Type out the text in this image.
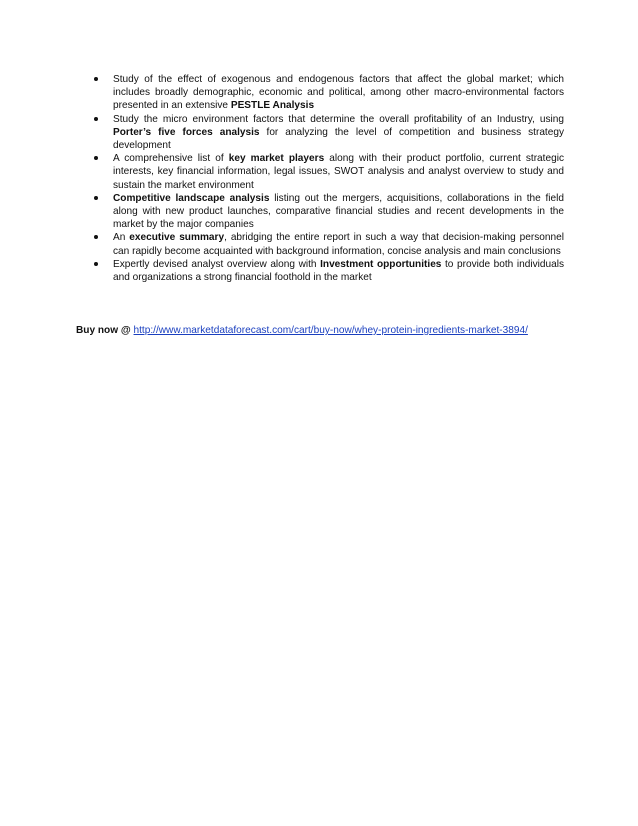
Study of the effect of exogenous and endogenous factors that affect the global market; which includes broadly demographic, economic and political, among other macro-environmental factors presented in an extensive PESTLE Analysis
Study the micro environment factors that determine the overall profitability of an Industry, using Porter’s five forces analysis for analyzing the level of competition and business strategy development
A comprehensive list of key market players along with their product portfolio, current strategic interests, key financial information, legal issues, SWOT analysis and analyst overview to study and sustain the market environment
Competitive landscape analysis listing out the mergers, acquisitions, collaborations in the field along with new product launches, comparative financial studies and recent developments in the market by the major companies
An executive summary, abridging the entire report in such a way that decision-making personnel can rapidly become acquainted with background information, concise analysis and main conclusions
Expertly devised analyst overview along with Investment opportunities to provide both individuals and organizations a strong financial foothold in the market

Buy now @ http://www.marketdataforecast.com/cart/buy-now/whey-protein-ingredients-market-3894/
